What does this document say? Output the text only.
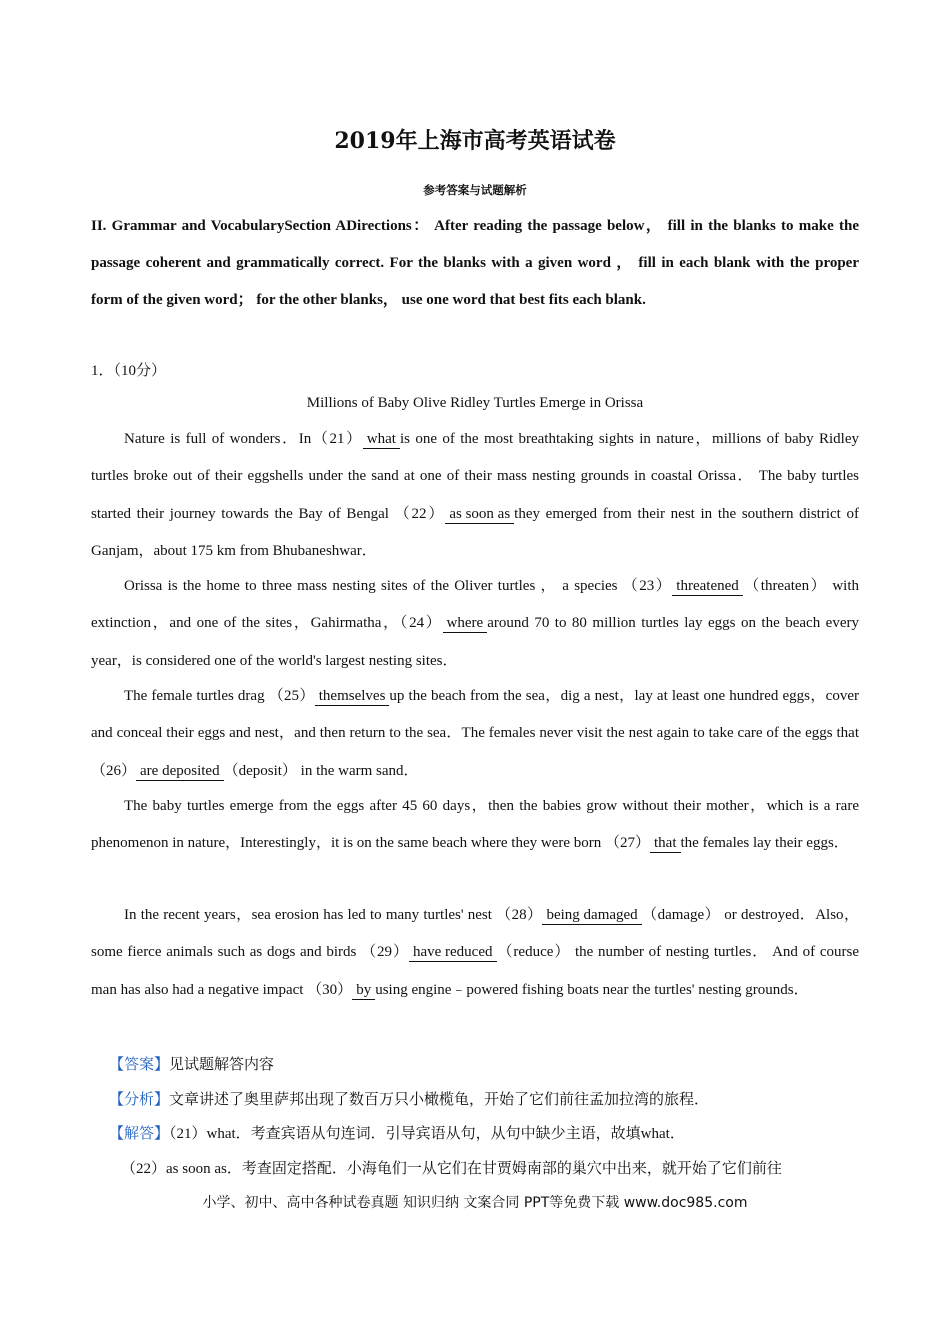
2019年上海市高考英语试卷
参考答案与试题解析

II. Grammar and VocabularySection ADirections： After reading the passage below， fill in the blanks to make the passage coherent and grammatically correct. For the blanks with a given word ， fill in each blank with the proper form of the given word； for the other blanks， use one word that best fits each blank.

1．（10分）
Millions of Baby Olive Ridley Turtles Emerge in Orissa

Nature is full of wonders．In（21） what is one of the most breathtaking sights in nature，millions of baby Ridley turtles broke out of their eggshells under the sand at one of their mass nesting grounds in coastal Orissa． The baby turtles started their journey towards the Bay of Bengal （22） as soon as they emerged from their nest in the southern district of Ganjam，about 175 km from Bhubaneshwar．

Orissa is the home to three mass nesting sites of the Oliver turtles ， a species （23） threatened （threaten） with extinction，and one of the sites，Gahirmatha，（24） where around 70 to 80 million turtles lay eggs on the beach every year，is considered one of the world's largest nesting sites．

The female turtles drag （25） themselves up the beach from the sea，dig a nest，lay at least one hundred eggs，cover and conceal their eggs and nest，and then return to the sea．The females never visit the nest again to take care of the eggs that （26） are deposited （deposit） in the warm sand．

The baby turtles emerge from the eggs after 45 60 days，then the babies grow without their mother，which is a rare phenomenon in nature，Interestingly，it is on the same beach where they were born （27） that the females lay their eggs．

In the recent years，sea erosion has led to many turtles' nest （28） being damaged （damage） or destroyed．Also，some fierce animals such as dogs and birds （29） have reduced （reduce） the number of nesting turtles． And of course man has also had a negative impact （30） by using engine﹣powered fishing boats near the turtles' nesting grounds．

【答案】见试题解答内容

【分析】文章讲述了奥里萨邦出现了数百万只小橄榄龟，开始了它们前往孟加拉湾的旅程．

【解答】（21）what．考查宾语从句连词．引导宾语从句，从句中缺少主语，故填what．

（22）as soon as．考查固定搭配．小海龟们一从它们在甘贾姆南部的巢穴中出来，就开始了它们前往

小学、初中、高中各种试卷真题 知识归纳 文案合同 PPT等免费下载 www.doc985.com
